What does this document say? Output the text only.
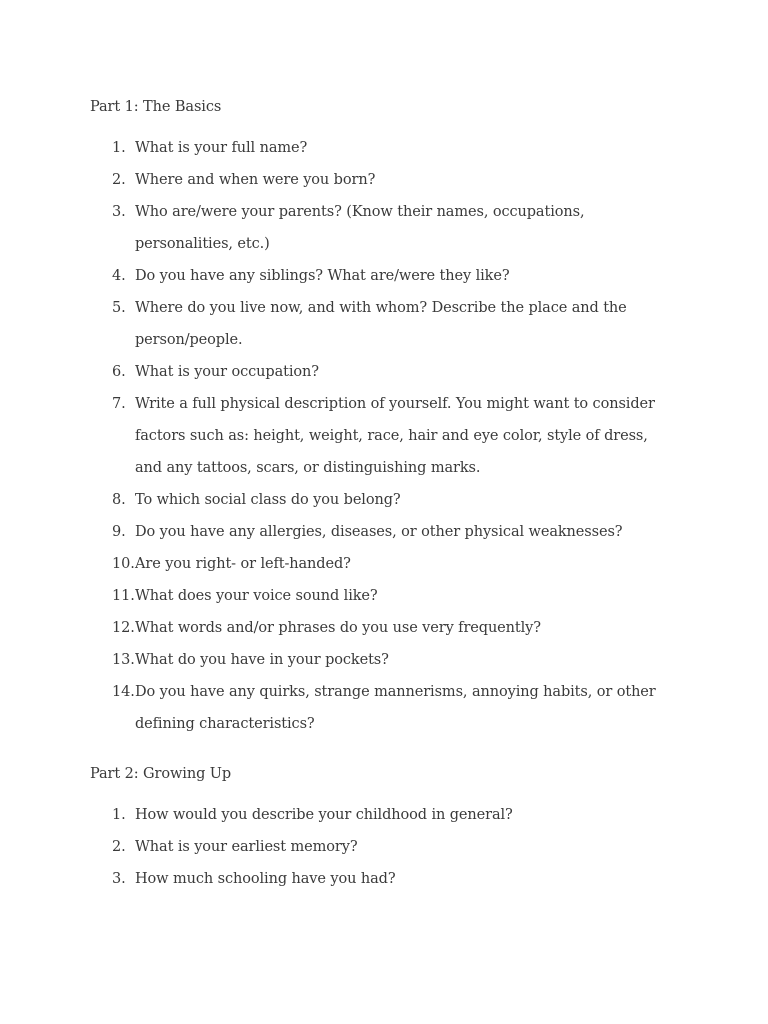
Part 1: The Basics
1. What is your full name?
2. Where and when were you born?
3. Who are/were your parents? (Know their names, occupations, personalities, etc.)
4. Do you have any siblings? What are/were they like?
5. Where do you live now, and with whom? Describe the place and the person/people.
6. What is your occupation?
7. Write a full physical description of yourself. You might want to consider factors such as: height, weight, race, hair and eye color, style of dress, and any tattoos, scars, or distinguishing marks.
8. To which social class do you belong?
9. Do you have any allergies, diseases, or other physical weaknesses?
10. Are you right- or left-handed?
11. What does your voice sound like?
12. What words and/or phrases do you use very frequently?
13. What do you have in your pockets?
14. Do you have any quirks, strange mannerisms, annoying habits, or other defining characteristics?
Part 2: Growing Up
1. How would you describe your childhood in general?
2. What is your earliest memory?
3. How much schooling have you had?
